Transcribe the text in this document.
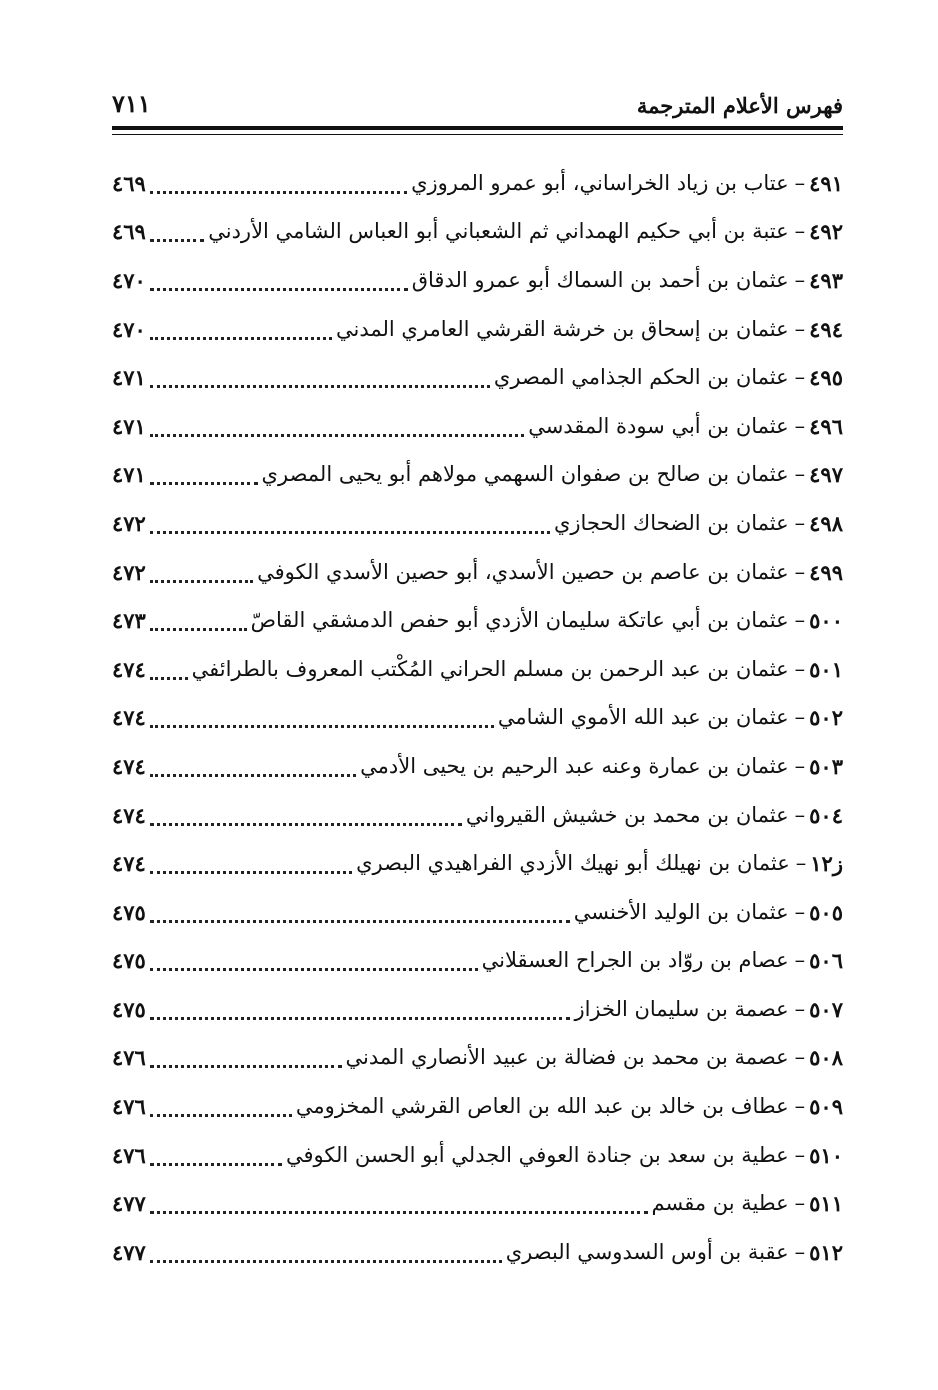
فهرس الأعلام المترجمة
٧١١
٤٩١
–
عتاب بن زياد الخراساني، أبو عمرو المروزي
٤٦٩
٤٩٢
–
عتبة بن أبي حكيم الهمداني ثم الشعباني أبو العباس الشامي الأردني
٤٦٩
٤٩٣
–
عثمان بن أحمد بن السماك أبو عمرو الدقاق
٤٧٠
٤٩٤
–
عثمان بن إسحاق بن خرشة القرشي العامري المدني
٤٧٠
٤٩٥
–
عثمان بن الحكم الجذامي المصري
٤٧١
٤٩٦
–
عثمان بن أبي سودة المقدسي
٤٧١
٤٩٧
–
عثمان بن صالح بن صفوان السهمي مولاهم أبو يحيى المصري
٤٧١
٤٩٨
–
عثمان بن الضحاك الحجازي
٤٧٢
٤٩٩
–
عثمان بن عاصم بن حصين الأسدي، أبو حصين الأسدي الكوفي
٤٧٢
٥٠٠
–
عثمان بن أبي عاتكة سليمان الأزدي أبو حفص الدمشقي القاصّ
٤٧٣
٥٠١
–
عثمان بن عبد الرحمن بن مسلم الحراني المُكْتب المعروف بالطرائفي
٤٧٤
٥٠٢
–
عثمان بن عبد الله الأموي الشامي
٤٧٤
٥٠٣
–
عثمان بن عمارة وعنه عبد الرحيم بن يحيى الأدمي
٤٧٤
٥٠٤
–
عثمان بن محمد بن خشيش القيرواني
٤٧٤
ز١٢
–
عثمان بن نهيلك أبو نهيك الأزدي الفراهيدي البصري
٤٧٤
٥٠٥
–
عثمان بن الوليد الأخنسي
٤٧٥
٥٠٦
–
عصام بن روّاد بن الجراح العسقلاني
٤٧٥
٥٠٧
–
عصمة بن سليمان الخزاز
٤٧٥
٥٠٨
–
عصمة بن محمد بن فضالة بن عبيد الأنصاري المدني
٤٧٦
٥٠٩
–
عطاف بن خالد بن عبد الله بن العاص القرشي المخزومي
٤٧٦
٥١٠
–
عطية بن سعد بن جنادة العوفي الجدلي أبو الحسن الكوفي
٤٧٦
٥١١
–
عطية بن مقسم
٤٧٧
٥١٢
–
عقبة بن أوس السدوسي البصري
٤٧٧
